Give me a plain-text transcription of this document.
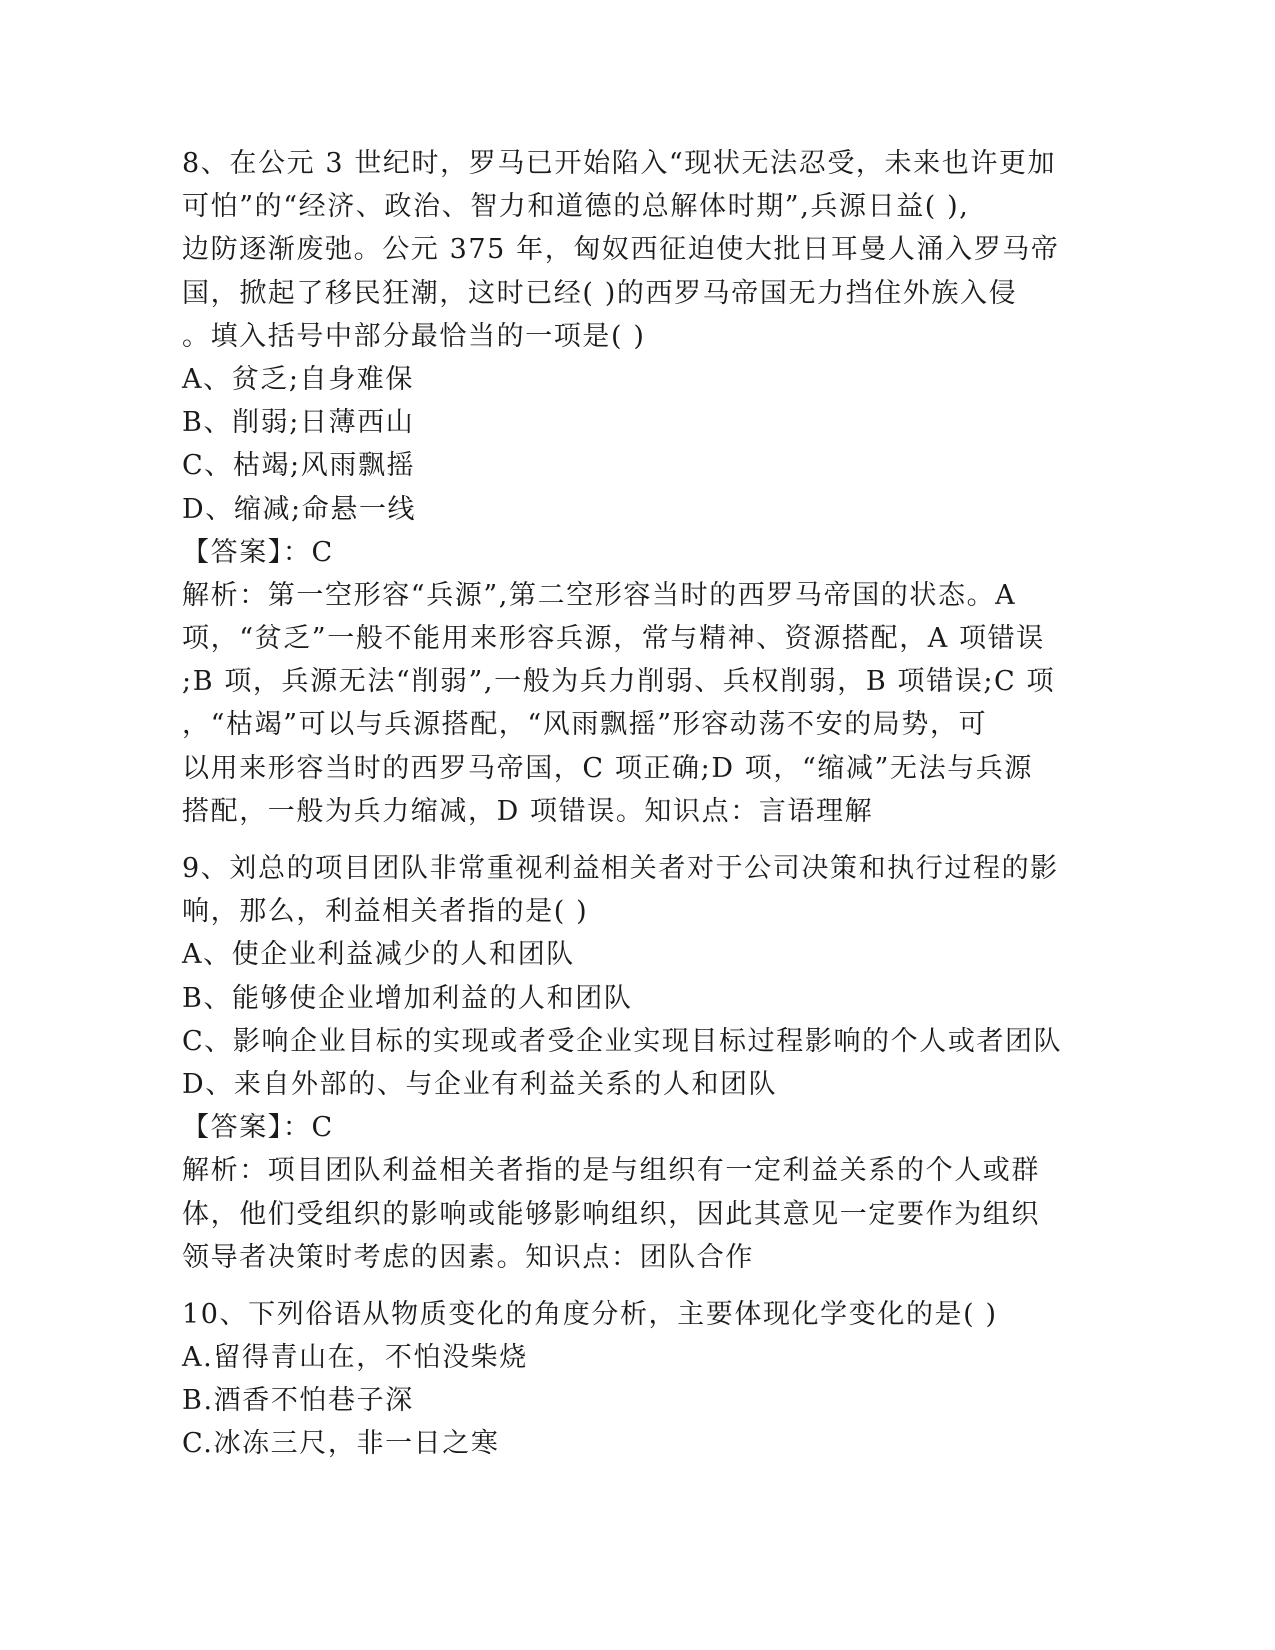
8、在公元 3 世纪时，罗马已开始陷入“现状无法忍受，未来也许更加
可怕”的“经济、政治、智力和道德的总解体时期”,兵源日益( ),
边防逐渐废弛。公元 375 年，匈奴西征迫使大批日耳曼人涌入罗马帝
国，掀起了移民狂潮，这时已经( )的西罗马帝国无力挡住外族入侵
。填入括号中部分最恰当的一项是( )
A、贫乏;自身难保
B、削弱;日薄西山
C、枯竭;风雨飘摇
D、缩减;命悬一线
【答案】：C
解析：第一空形容“兵源”,第二空形容当时的西罗马帝国的状态。A
项，“贫乏”一般不能用来形容兵源，常与精神、资源搭配，A 项错误
;B 项，兵源无法“削弱”,一般为兵力削弱、兵权削弱，B 项错误;C 项
，“枯竭”可以与兵源搭配，“风雨飘摇”形容动荡不安的局势，可
以用来形容当时的西罗马帝国，C 项正确;D 项，“缩减”无法与兵源
搭配，一般为兵力缩减，D 项错误。知识点：言语理解
9、刘总的项目团队非常重视利益相关者对于公司决策和执行过程的影
响，那么，利益相关者指的是( )
A、使企业利益减少的人和团队
B、能够使企业增加利益的人和团队
C、影响企业目标的实现或者受企业实现目标过程影响的个人或者团队
D、来自外部的、与企业有利益关系的人和团队
【答案】：C
解析：项目团队利益相关者指的是与组织有一定利益关系的个人或群
体，他们受组织的影响或能够影响组织，因此其意见一定要作为组织
领导者决策时考虑的因素。知识点：团队合作
10、下列俗语从物质变化的角度分析，主要体现化学变化的是( )
A.留得青山在，不怕没柴烧
B.酒香不怕巷子深
C.冰冻三尺，非一日之寒
